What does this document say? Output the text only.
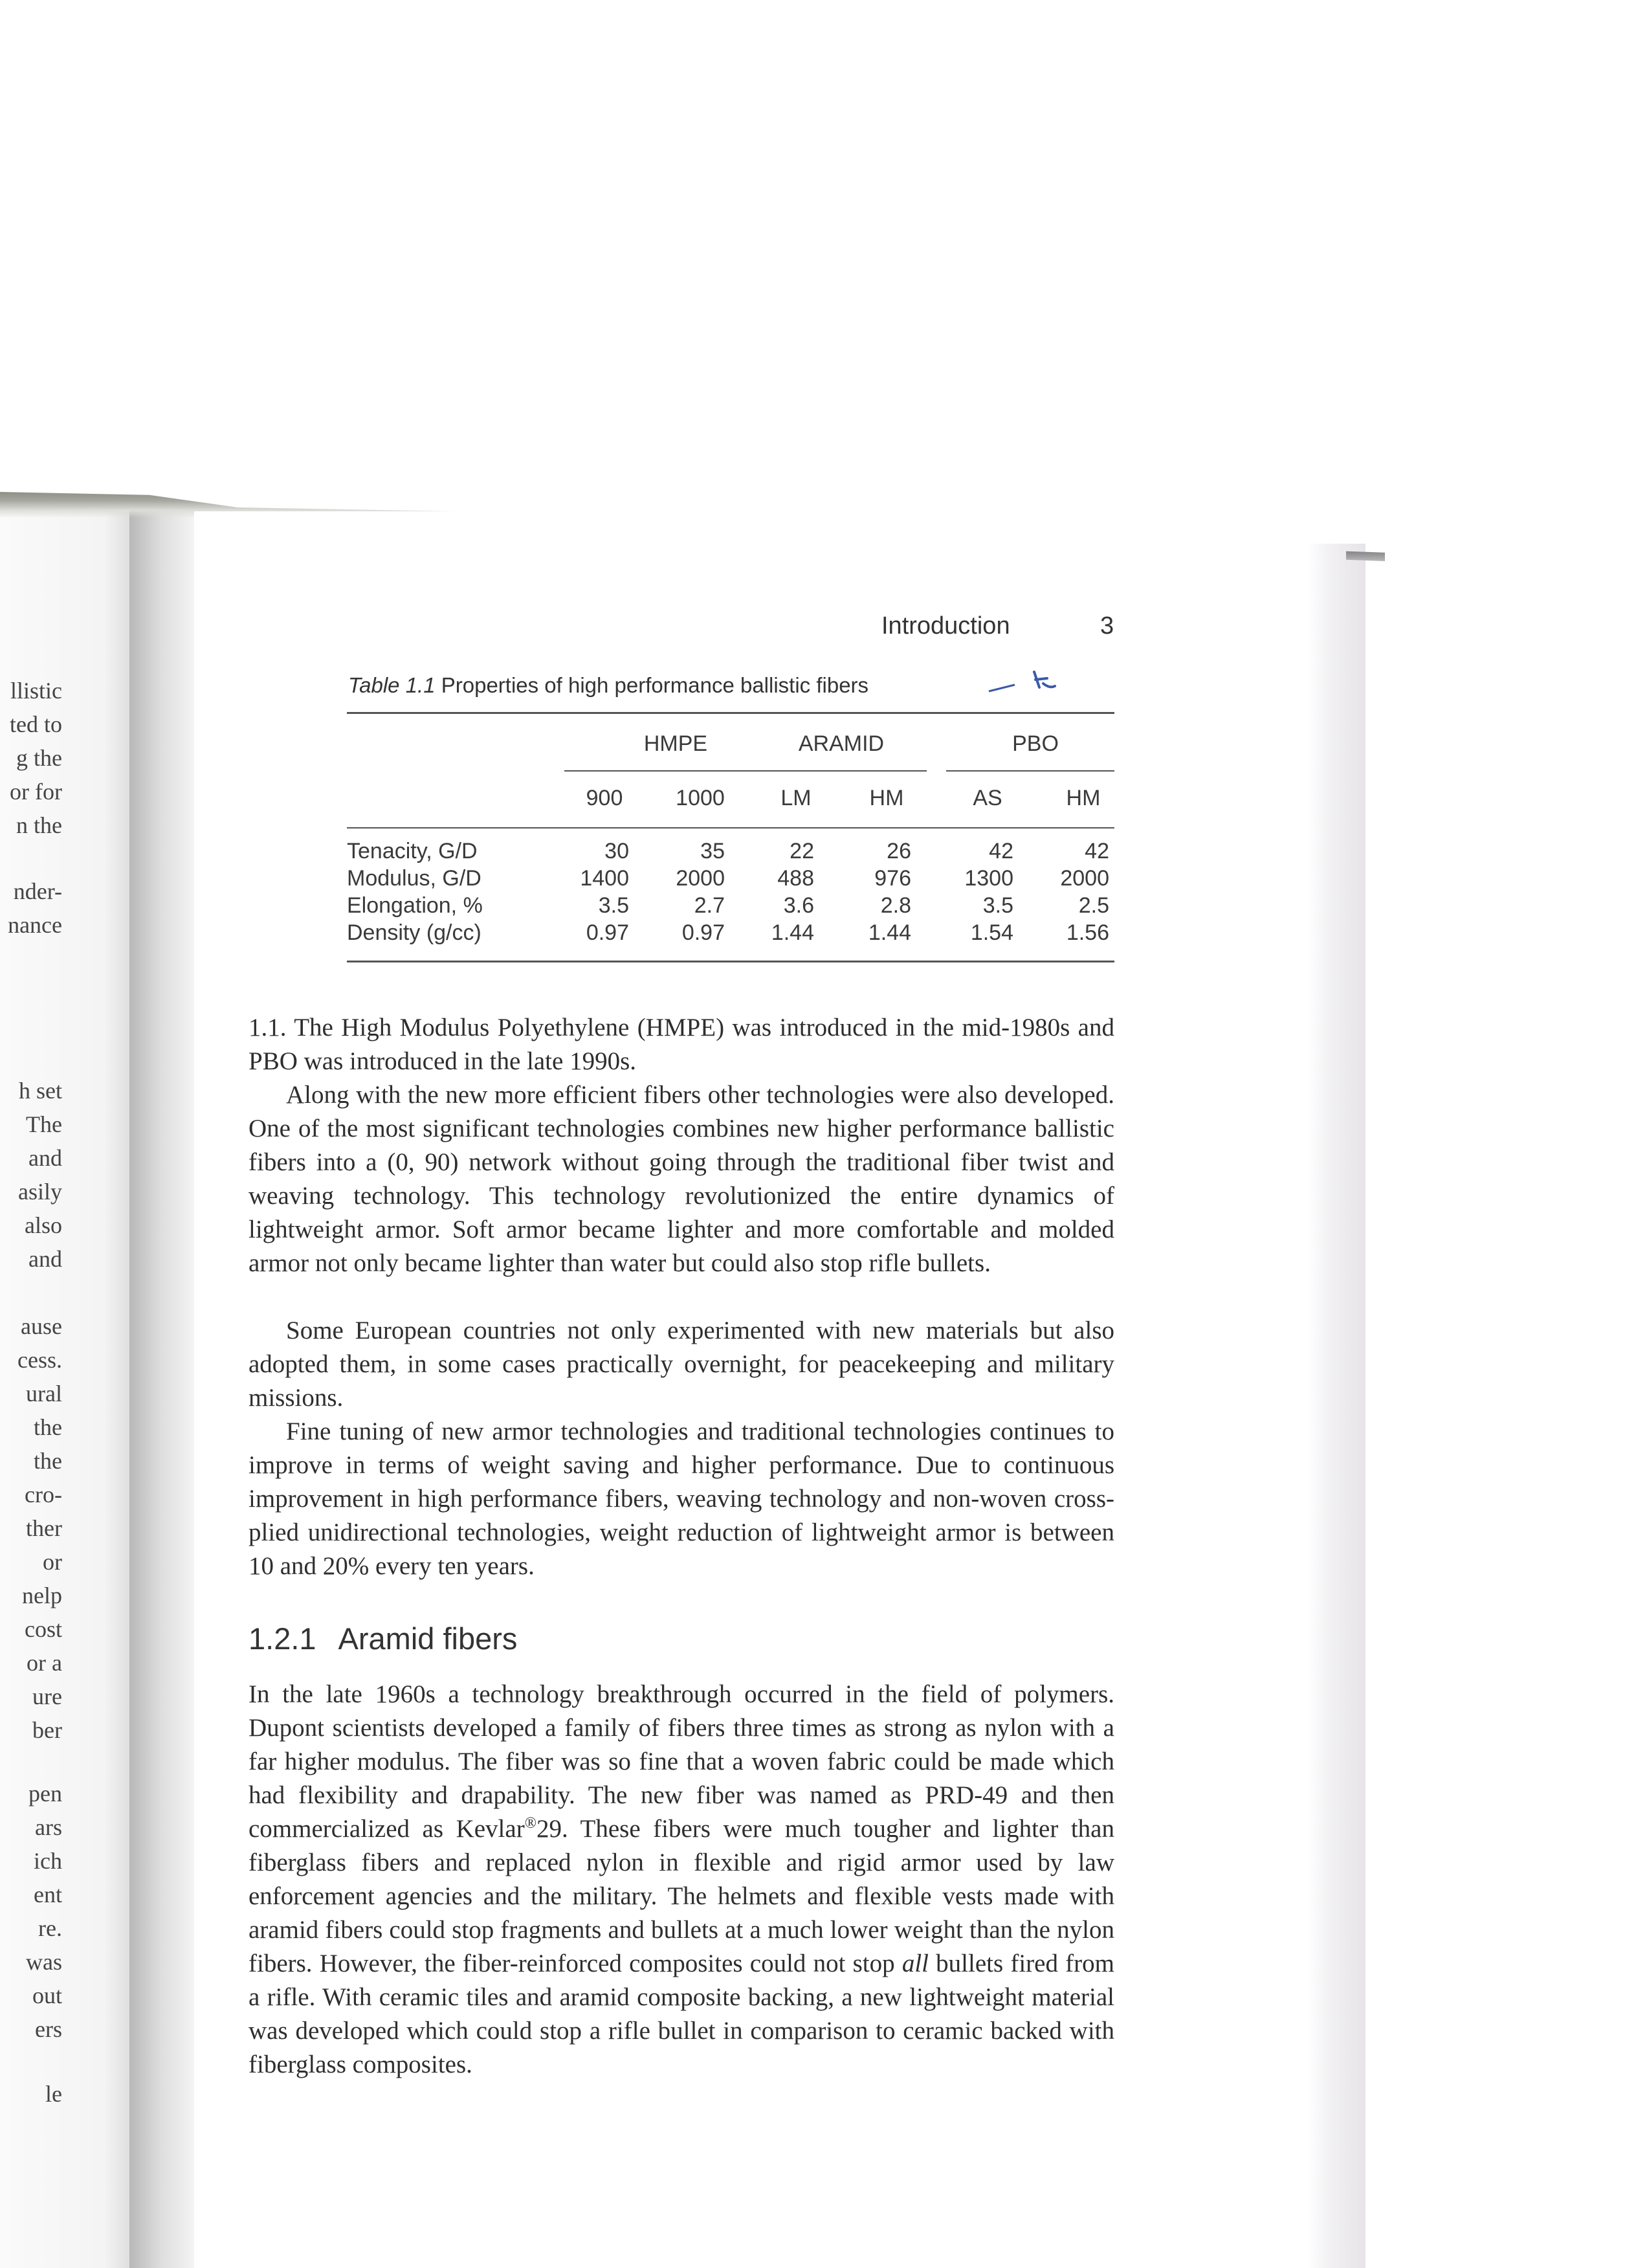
llistic
ted to
g the
or for
n the
nder-
nance
h set
The
and
asily
also
and
ause
cess.
ural
the
the
cro-
ther
or
nelp
cost
or a
ure
ber
pen
ars
ich
ent
re.
was
out
ers
le
Introduction	3
Table 1.1 Properties of high performance ballistic fibers
HMPE	ARAMID	PBO
900	1000	LM	HM	AS	HM
Tenacity, G/D	30	35	22	26	42	42
Modulus, G/D	1400	2000	488	976	1300	2000
Elongation, %	3.5	2.7	3.6	2.8	3.5	2.5
Density (g/cc)	0.97	0.97	1.44	1.44	1.54	1.56

1.1. The High Modulus Polyethylene (HMPE) was introduced in the mid-1980s and PBO was introduced in the late 1990s.

Along with the new more efficient fibers other technologies were also developed. One of the most significant technologies combines new higher performance ballistic fibers into a (0, 90) network without going through the traditional fiber twist and weaving technology. This technology revolutionized the entire dynamics of lightweight armor. Soft armor became lighter and more comfortable and molded armor not only became lighter than water but could also stop rifle bullets.

Some European countries not only experimented with new materials but also adopted them, in some cases practically overnight, for peacekeeping and military missions.

Fine tuning of new armor technologies and traditional technologies continues to improve in terms of weight saving and higher performance. Due to continuous improvement in high performance fibers, weaving technology and non-woven cross-plied unidirectional technologies, weight reduction of lightweight armor is between 10 and 20% every ten years.

1.2.1 Aramid fibers

In the late 1960s a technology breakthrough occurred in the field of polymers. Dupont scientists developed a family of fibers three times as strong as nylon with a far higher modulus. The fiber was so fine that a woven fabric could be made which had flexibility and drapability. The new fiber was named as PRD-49 and then commercialized as Kevlar®29. These fibers were much tougher and lighter than fiberglass fibers and replaced nylon in flexible and rigid armor used by law enforcement agencies and the military. The helmets and flexible vests made with aramid fibers could stop fragments and bullets at a much lower weight than the nylon fibers. However, the fiber-reinforced composites could not stop all bullets fired from a rifle. With ceramic tiles and aramid composite backing, a new lightweight material was developed which could stop a rifle bullet in comparison to ceramic backed with fiberglass composites.
